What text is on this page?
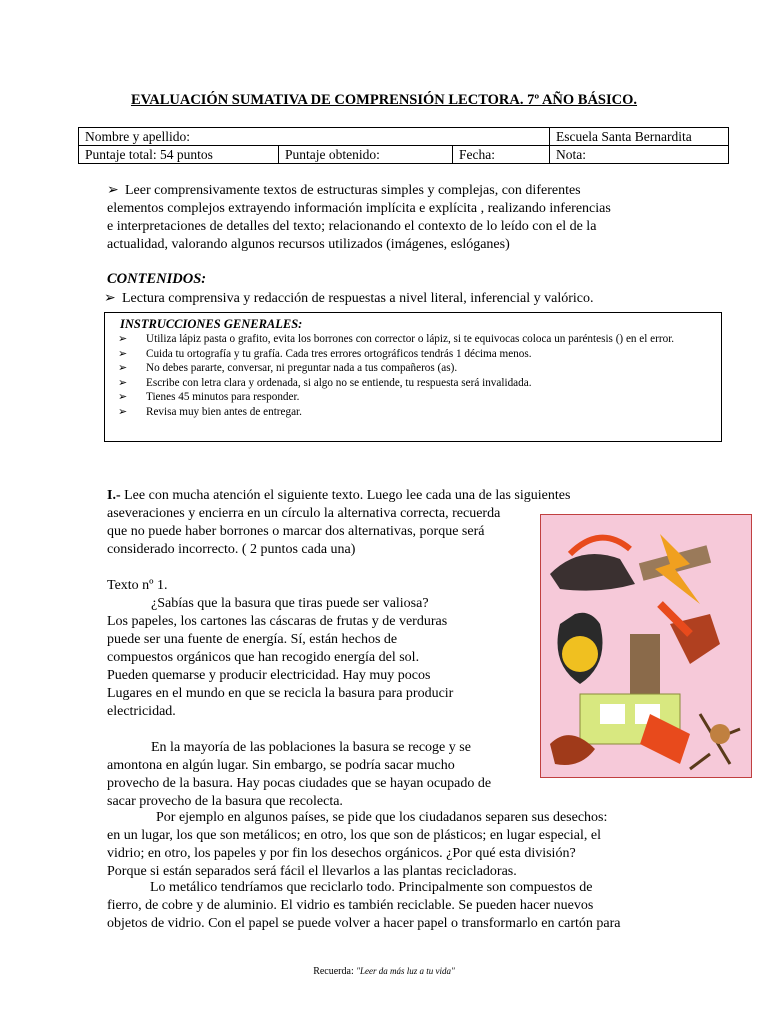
EVALUACIÓN SUMATIVA DE COMPRENSIÓN LECTORA. 7º AÑO BÁSICO.
Nombre y apellido:			Escuela Santa Bernardita
Puntaje total: 54 puntos	Puntaje obtenido:	Fecha:	Nota:
➢ Leer comprensivamente textos de estructuras simples y complejas, con diferentes
elementos complejos extrayendo información implícita e explícita , realizando inferencias
e interpretaciones de detalles del texto; relacionando el contexto de lo leído con el de la
actualidad, valorando algunos recursos utilizados (imágenes, eslóganes)
CONTENIDOS:
➢ Lectura comprensiva y redacción de respuestas a nivel literal, inferencial y valórico.
INSTRUCCIONES GENERALES:
➢ Utiliza lápiz pasta o grafito, evita los borrones con corrector o lápiz, si te equivocas coloca un paréntesis () en el error.
➢ Cuida tu ortografía y tu grafía. Cada tres errores ortográficos tendrás 1 décima menos.
➢ No debes pararte, conversar, ni preguntar nada a tus compañeros (as).
➢ Escribe con letra clara y ordenada, si algo no se entiende, tu respuesta será invalidada.
➢ Tienes 45 minutos para responder.
➢ Revisa muy bien antes de entregar.
I.- Lee con mucha atención el siguiente texto. Luego lee cada una de las siguientes
aseveraciones y encierra en un círculo la alternativa correcta, recuerda
que no puede haber borrones o marcar dos alternativas, porque será
considerado incorrecto. ( 2 puntos cada una)
Texto nº 1.
¿Sabías que la basura que tiras puede ser valiosa?
Los papeles, los cartones las cáscaras de frutas y de verduras
puede ser una fuente de energía. Sí, están hechos de
compuestos orgánicos que han recogido energía del sol.
Pueden quemarse y producir electricidad. Hay muy pocos
Lugares en el mundo en que se recicla la basura para producir
electricidad.
En la mayoría de las poblaciones la basura se recoge y se
amontona en algún lugar. Sin embargo, se podría sacar mucho
provecho de la basura. Hay pocas ciudades que se hayan ocupado de
sacar provecho de la basura que recolecta.
Por ejemplo en algunos países, se pide que los ciudadanos separen sus desechos:
en un lugar, los que son metálicos; en otro, los que son de plásticos; en lugar especial, el
vidrio; en otro, los papeles y por fin los desechos orgánicos. ¿Por qué esta división?
Porque si están separados será fácil el llevarlos a las plantas recicladoras.
Lo metálico tendríamos que reciclarlo todo. Principalmente son compuestos de
fierro, de cobre y de aluminio. El vidrio es también reciclable. Se pueden hacer nuevos
objetos de vidrio. Con el papel se puede volver a hacer papel o transformarlo en cartón para
Recuerda: "Leer da más luz a tu vida"
